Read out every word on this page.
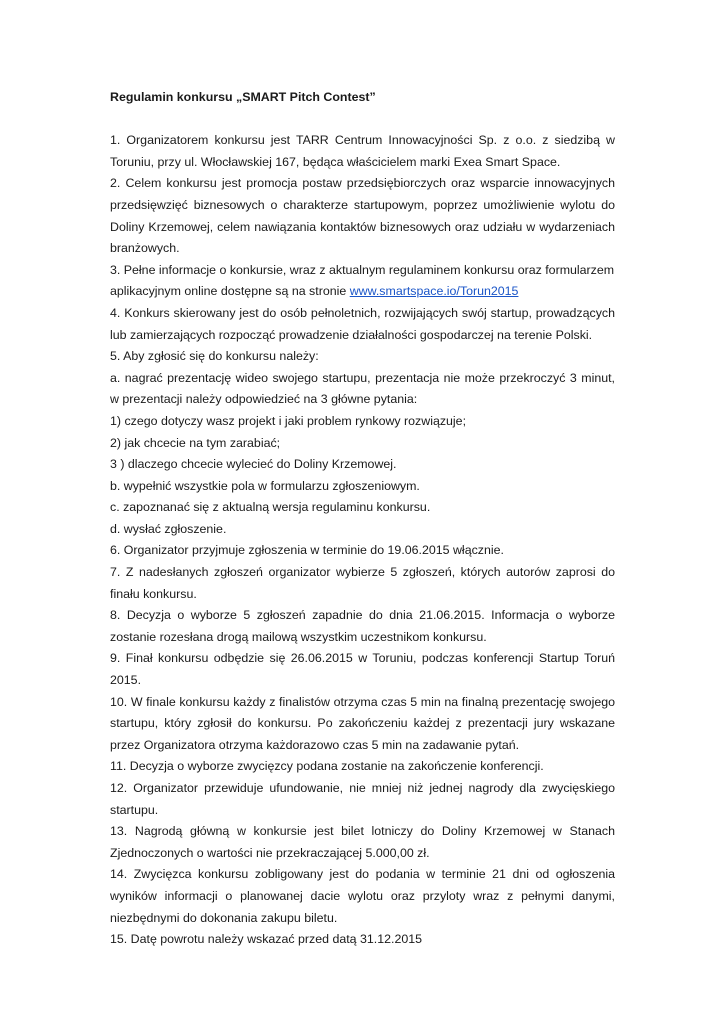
Regulamin konkursu „SMART Pitch Contest”

1. Organizatorem konkursu jest TARR Centrum Innowacyjności Sp. z o.o. z siedzibą w Toruniu, przy ul. Włocławskiej 167, będąca właścicielem marki Exea Smart Space.

2. Celem konkursu jest promocja postaw przedsiębiorczych oraz wsparcie innowacyjnych przedsięwzięć biznesowych o charakterze startupowym, poprzez umożliwienie wylotu do Doliny Krzemowej, celem nawiązania kontaktów biznesowych oraz udziału w wydarzeniach branżowych.

3. Pełne informacje o konkursie, wraz z aktualnym regulaminem konkursu oraz formularzem aplikacyjnym online dostępne są na stronie www.smartspace.io/Torun2015

4. Konkurs skierowany jest do osób pełnoletnich, rozwijających swój startup, prowadzących lub zamierzających rozpocząć prowadzenie działalności gospodarczej na terenie Polski.

5. Aby zgłosić się do konkursu należy:

a. nagrać prezentację wideo swojego startupu, prezentacja nie może przekroczyć 3 minut, w prezentacji należy odpowiedzieć na 3 główne pytania:

1) czego dotyczy wasz projekt i jaki problem rynkowy rozwiązuje;

2) jak chcecie na tym zarabiać;

3 ) dlaczego chcecie wylecieć do Doliny Krzemowej.

b. wypełnić wszystkie pola w formularzu zgłoszeniowym.

c. zapoznanać się z aktualną wersja regulaminu konkursu.

d. wysłać zgłoszenie.

6. Organizator przyjmuje zgłoszenia w terminie do 19.06.2015 włącznie.

7. Z nadesłanych zgłoszeń organizator wybierze 5 zgłoszeń, których autorów zaprosi do finału konkursu.

8. Decyzja o wyborze 5 zgłoszeń zapadnie do dnia 21.06.2015. Informacja o wyborze zostanie rozesłana drogą mailową wszystkim uczestnikom konkursu.

9. Finał konkursu odbędzie się 26.06.2015 w Toruniu, podczas konferencji Startup Toruń 2015.

10. W finale konkursu każdy z finalistów otrzyma czas 5 min na finalną prezentację swojego startupu, który zgłosił do konkursu. Po zakończeniu każdej z prezentacji jury wskazane przez Organizatora otrzyma każdorazowo czas 5 min na zadawanie pytań.

11. Decyzja o wyborze zwycięzcy podana zostanie na zakończenie konferencji.

12. Organizator przewiduje ufundowanie, nie mniej niż jednej nagrody dla zwycięskiego startupu.

13. Nagrodą główną w konkursie jest bilet lotniczy do Doliny Krzemowej w Stanach Zjednoczonych o wartości nie przekraczającej 5.000,00 zł.

14. Zwycięzca konkursu zobligowany jest do podania w terminie 21 dni od ogłoszenia wyników informacji o planowanej dacie wylotu oraz przyloty wraz z pełnymi danymi, niezbędnymi do dokonania zakupu biletu.

15. Datę powrotu należy wskazać przed datą 31.12.2015
